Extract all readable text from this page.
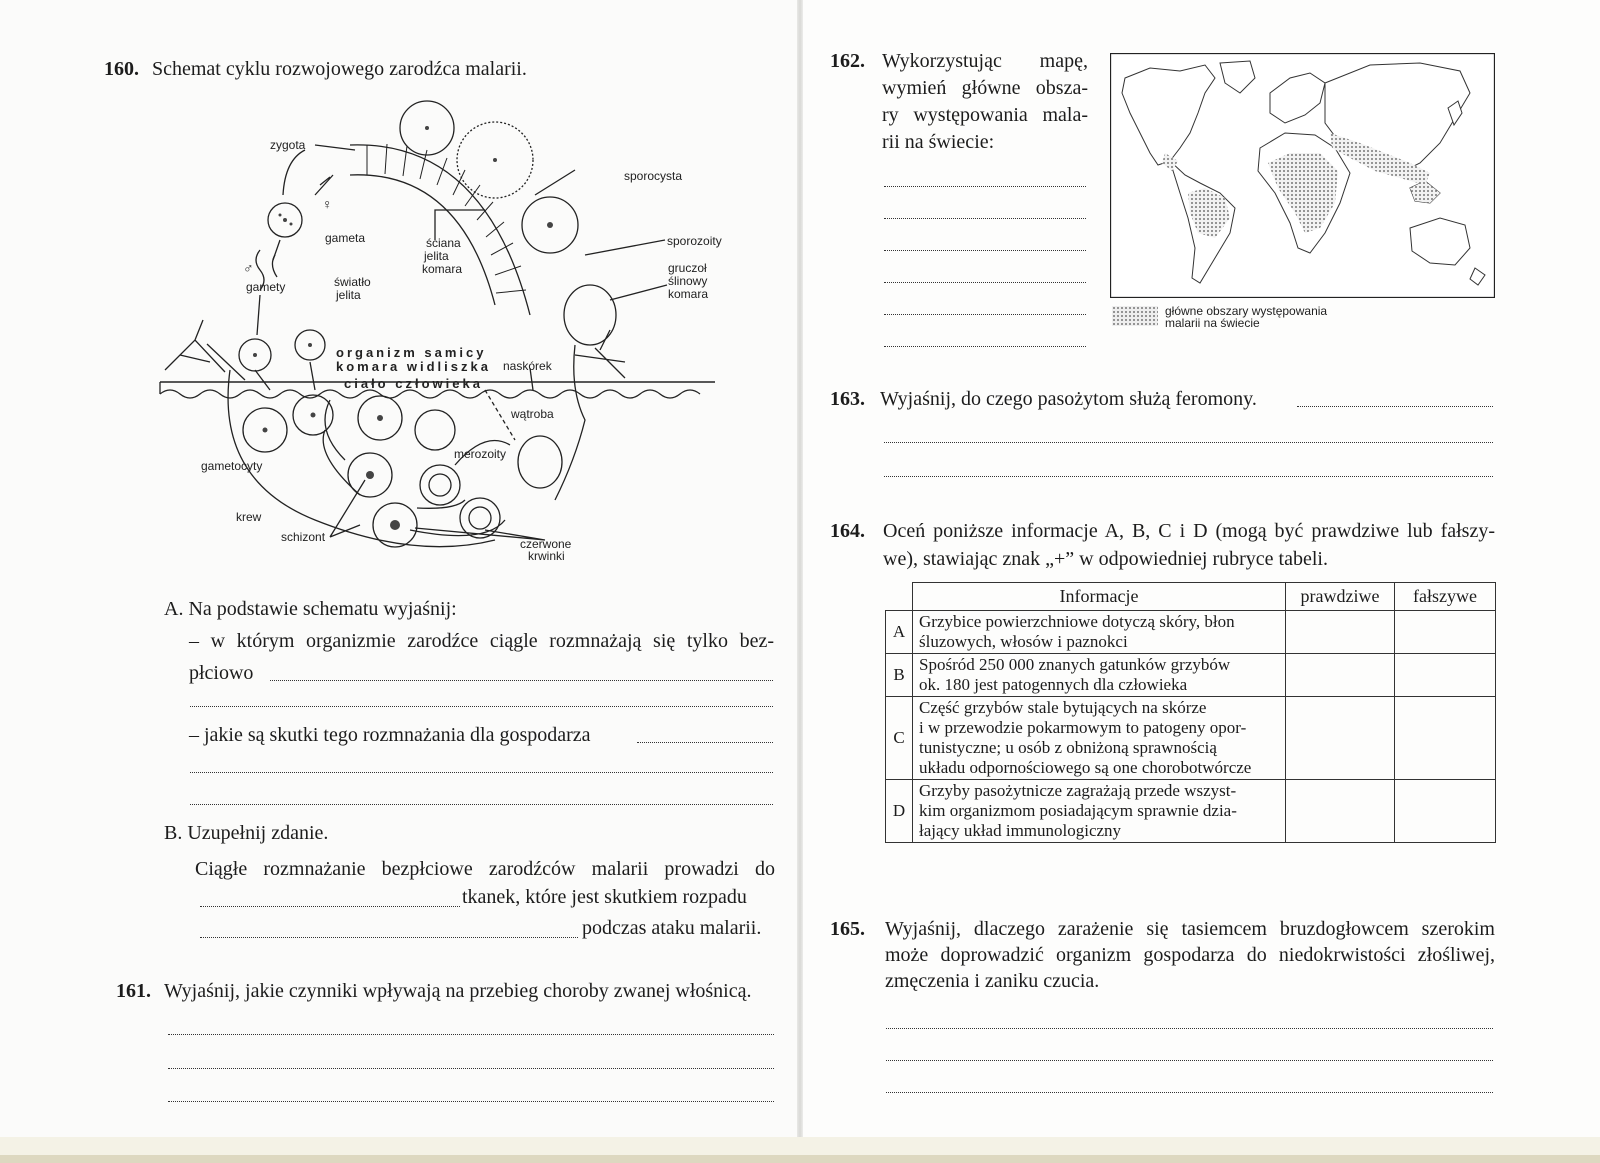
160. Schemat cyklu rozwojowego zarodźca malarii.
zygota
♀
gameta
♂
gamety	światło
jelita
ściana
jelita
komara
sporocysta
sporozoity
gruczoł
ślinowy
komara
organizm samicy
komara widliszka naskórek
ciało człowieka
wątroba
merozoity
gametocyty
krew
schizont	czerwone
krwinki
A. Na podstawie schematu wyjaśnij:
– w którym organizmie zarodźce ciągle rozmnażają się tylko bez-
płciowo
– jakie są skutki tego rozmnażania dla gospodarza
B. Uzupełnij zdanie.
Ciągłe rozmnażanie bezpłciowe zarodźców malarii prowadzi do
tkanek, które jest skutkiem rozpadu
podczas ataku malarii.
161. Wyjaśnij, jakie czynniki wpływają na przebieg choroby zwanej włośnicą.
162. Wykorzystując mapę,
wymień główne obsza-
ry występowania mala-
rii na świecie:
główne obszary występowania
malarii na świecie
163. Wyjaśnij, do czego pasożytom służą feromony.
164. Oceń poniższe informacje A, B, C i D (mogą być prawdziwe lub fałszy-
we), stawiając znak „+” w odpowiedniej rubryce tabeli.
	Informacje	prawdziwe	fałszywe
A	Grzybice powierzchniowe dotyczą skóry, błon
śluzowych, włosów i paznokci		

B	Spośród 250 000 znanych gatunków grzybów
ok. 180 jest patogennych dla człowieka		

C	Część grzybów stale bytujących na skórze
i w przewodzie pokarmowym to patogeny opor-
tunistyczne; u osób z obniżoną sprawnością
układu odpornościowego są one chorobotwórcze		

D	Grzyby pasożytnicze zagrażają przede wszyst-
kim organizmom posiadającym sprawnie dzia-
łający układ immunologiczny		

165. Wyjaśnij, dlaczego zarażenie się tasiemcem bruzdogłowcem szerokim
może doprowadzić organizm gospodarza do niedokrwistości złośliwej,
zmęczenia i zaniku czucia.
